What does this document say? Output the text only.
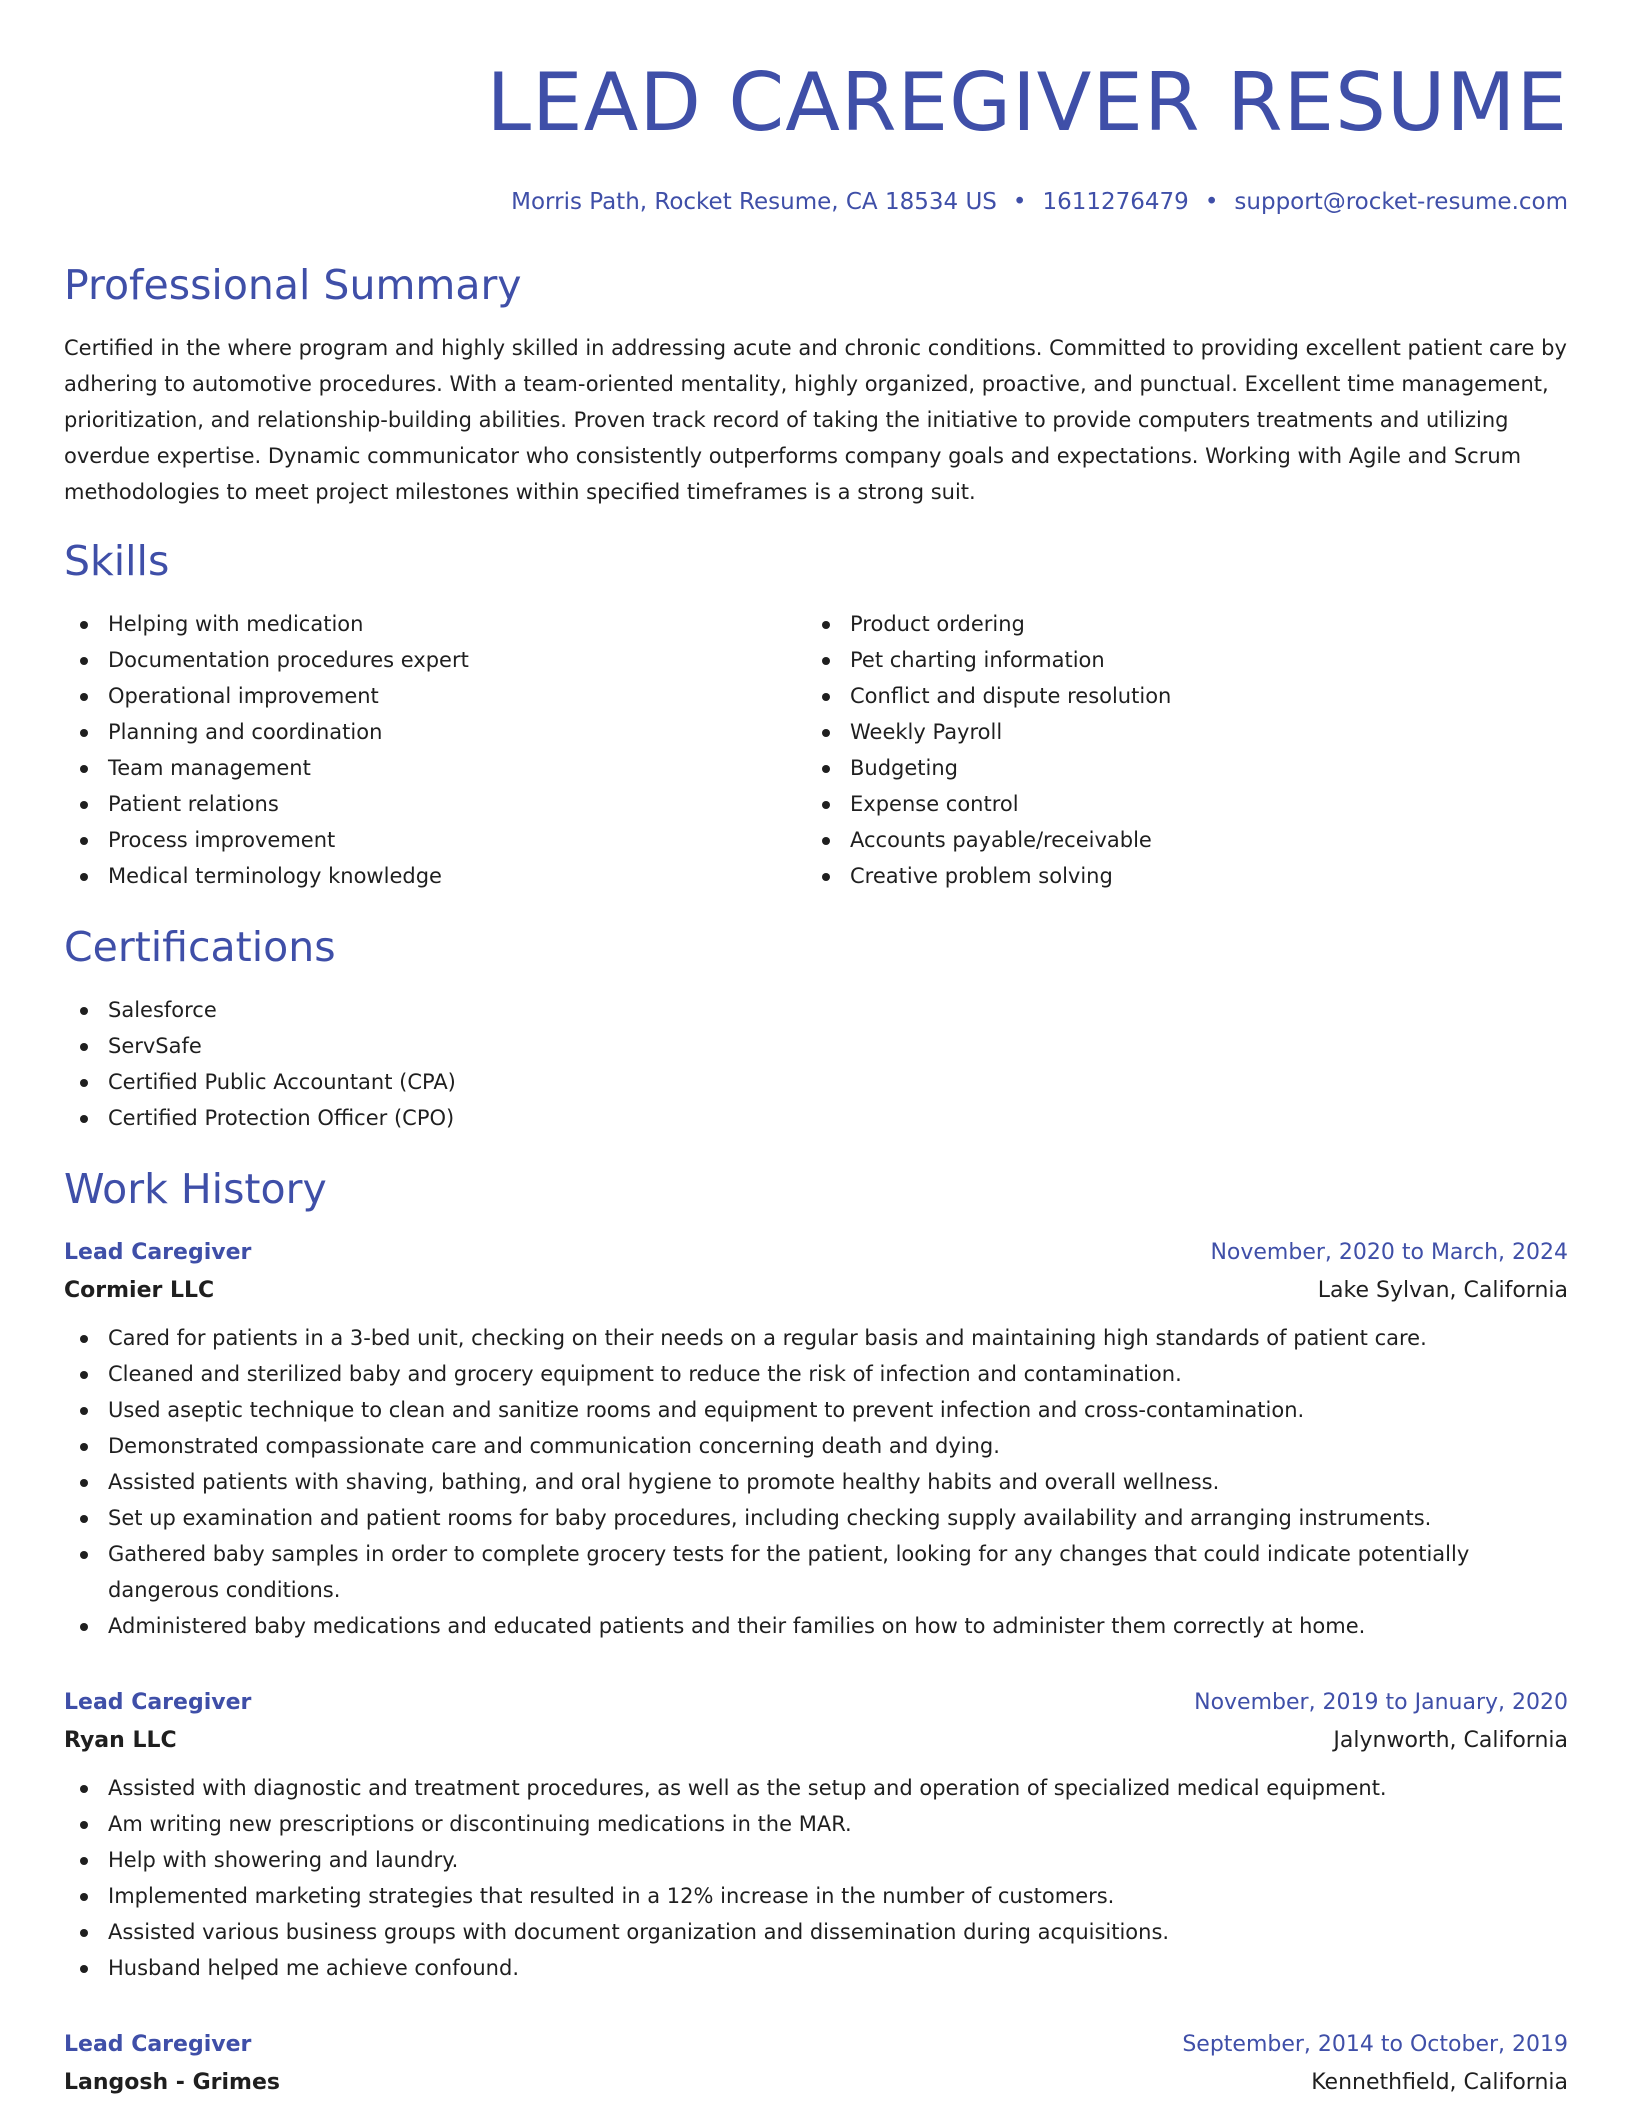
LEAD CAREGIVER RESUME
Morris Path, Rocket Resume, CA 18534 US • 1611276479 • support@rocket-resume.com
Professional Summary

Certified in the where program and highly skilled in addressing acute and chronic conditions. Committed to providing excellent patient care by adhering to automotive procedures. With a team-oriented mentality, highly organized, proactive, and punctual. Excellent time management, prioritization, and relationship-building abilities. Proven track record of taking the initiative to provide computers treatments and utilizing overdue expertise. Dynamic communicator who consistently outperforms company goals and expectations. Working with Agile and Scrum methodologies to meet project milestones within specified timeframes is a strong suit.

Skills
Helping with medication
Documentation procedures expert
Operational improvement
Planning and coordination
Team management
Patient relations
Process improvement
Medical terminology knowledge
Product ordering
Pet charting information
Conflict and dispute resolution
Weekly Payroll
Budgeting
Expense control
Accounts payable/receivable
Creative problem solving
Certifications
Salesforce
ServSafe
Certified Public Accountant (CPA)
Certified Protection Officer (CPO)
Work History
Lead Caregiver	November, 2020 to March, 2024
Cormier LLC	Lake Sylvan, California
Cared for patients in a 3-bed unit, checking on their needs on a regular basis and maintaining high standards of patient care.
Cleaned and sterilized baby and grocery equipment to reduce the risk of infection and contamination.
Used aseptic technique to clean and sanitize rooms and equipment to prevent infection and cross-contamination.
Demonstrated compassionate care and communication concerning death and dying.
Assisted patients with shaving, bathing, and oral hygiene to promote healthy habits and overall wellness.
Set up examination and patient rooms for baby procedures, including checking supply availability and arranging instruments.
Gathered baby samples in order to complete grocery tests for the patient, looking for any changes that could indicate potentially dangerous conditions.
Administered baby medications and educated patients and their families on how to administer them correctly at home.
Lead Caregiver	November, 2019 to January, 2020
Ryan LLC	Jalynworth, California
Assisted with diagnostic and treatment procedures, as well as the setup and operation of specialized medical equipment.
Am writing new prescriptions or discontinuing medications in the MAR.
Help with showering and laundry.
Implemented marketing strategies that resulted in a 12% increase in the number of customers.
Assisted various business groups with document organization and dissemination during acquisitions.
Husband helped me achieve confound.
Lead Caregiver	September, 2014 to October, 2019
Langosh - Grimes	Kennethfield, California
